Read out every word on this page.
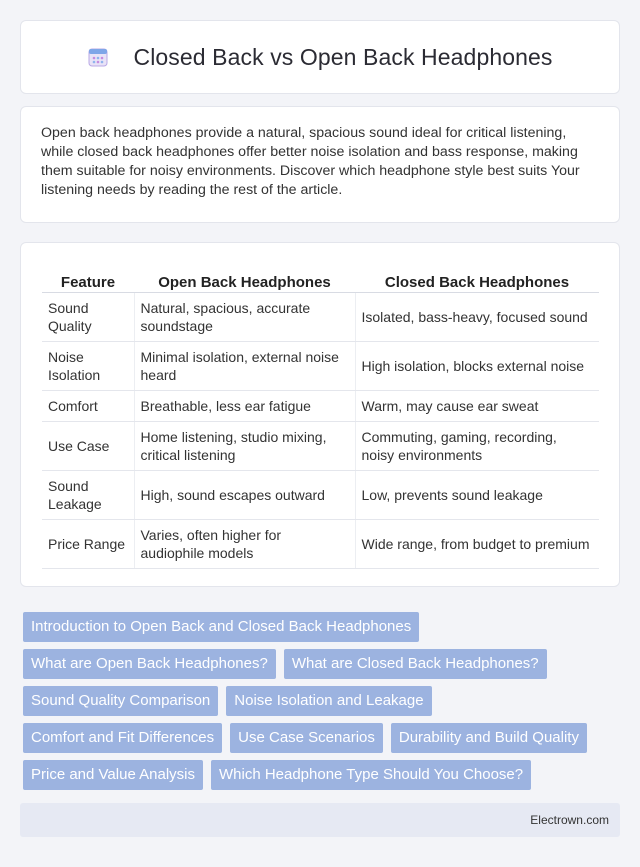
Closed Back vs Open Back Headphones

Open back headphones provide a natural, spacious sound ideal for critical listening, while closed back headphones offer better noise isolation and bass response, making them suitable for noisy environments. Discover which headphone style best suits Your listening needs by reading the rest of the article.

Feature	Open Back Headphones	Closed Back Headphones
Sound Quality	Natural, spacious, accurate soundstage	Isolated, bass-heavy, focused sound
Noise Isolation	Minimal isolation, external noise heard	High isolation, blocks external noise
Comfort	Breathable, less ear fatigue	Warm, may cause ear sweat
Use Case	Home listening, studio mixing, critical listening	Commuting, gaming, recording, noisy environments
Sound Leakage	High, sound escapes outward	Low, prevents sound leakage
Price Range	Varies, often higher for audiophile models	Wide range, from budget to premium
Introduction to Open Back and Closed Back Headphones
What are Open Back Headphones?	What are Closed Back Headphones?
Sound Quality Comparison	Noise Isolation and Leakage
Comfort and Fit Differences	Use Case Scenarios	Durability and Build Quality
Price and Value Analysis	Which Headphone Type Should You Choose?
Electrown.com
